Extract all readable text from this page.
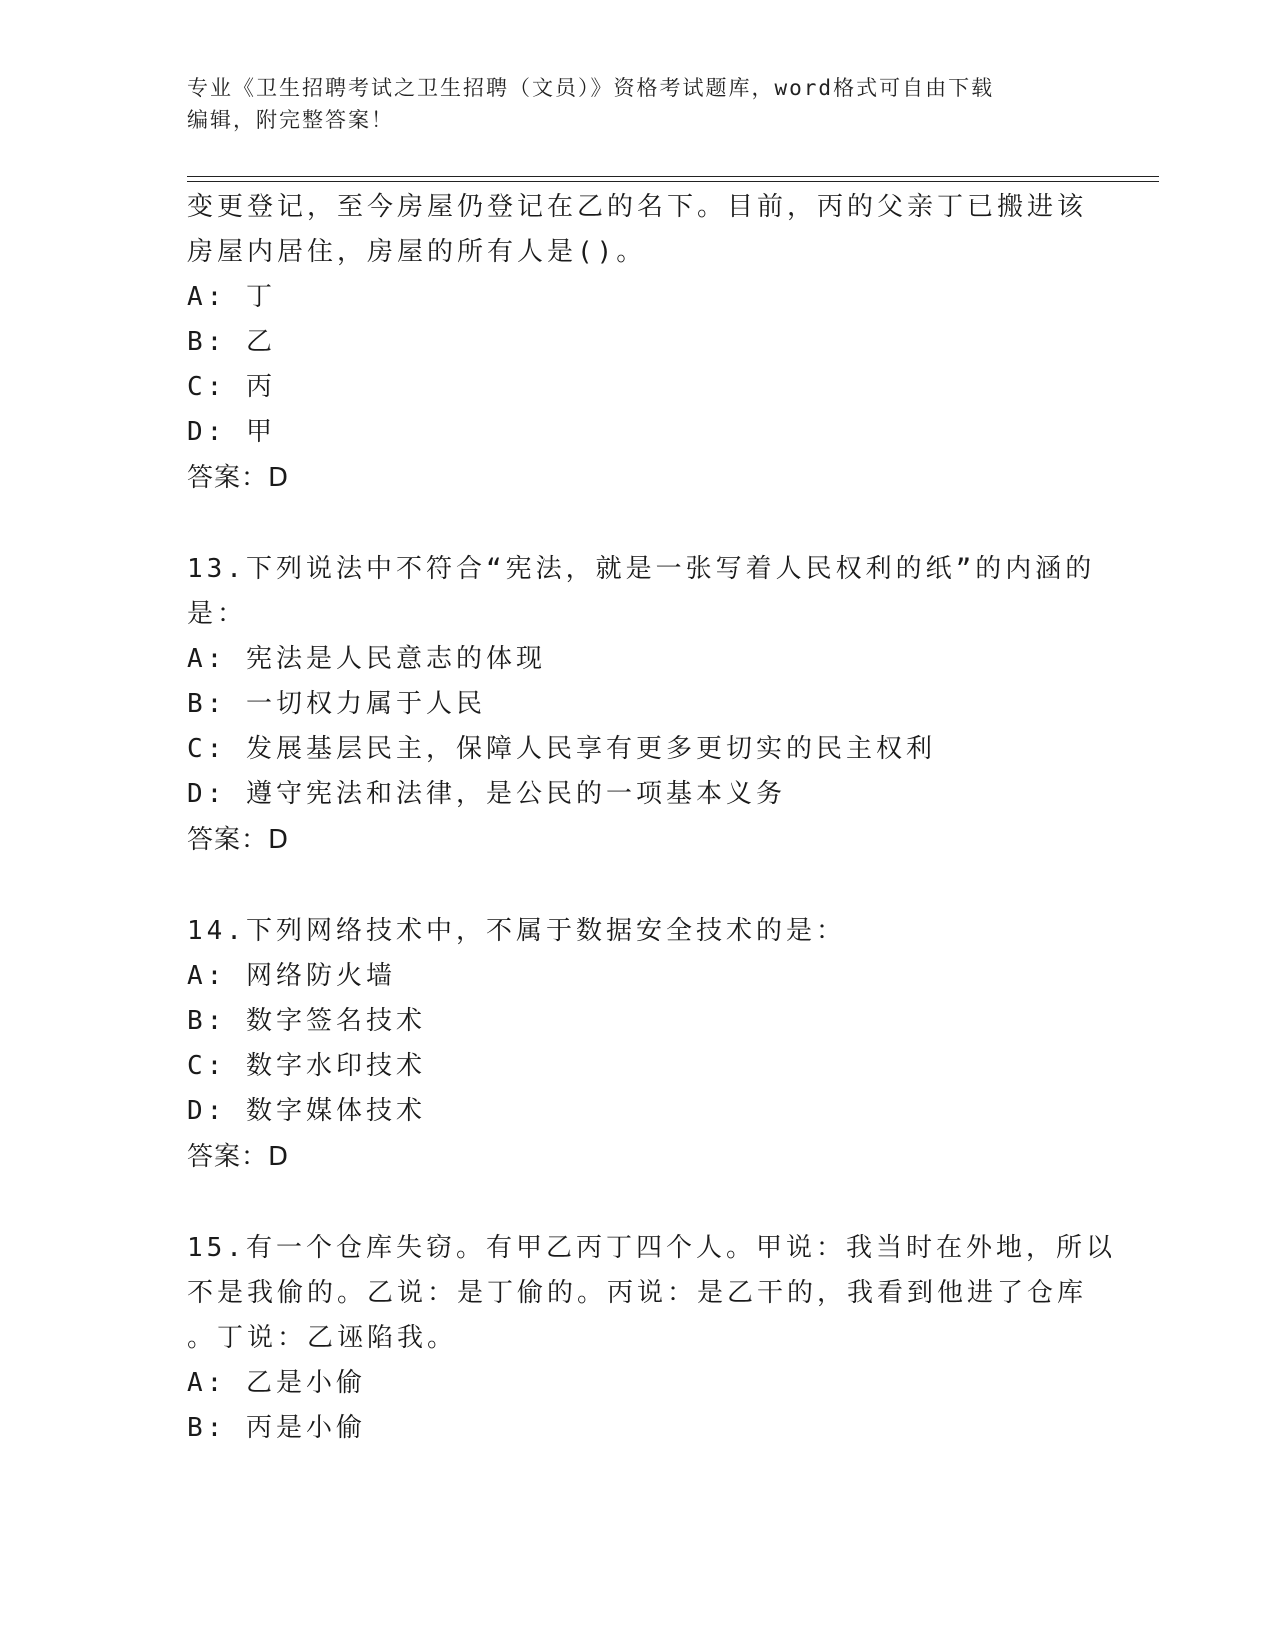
专业《卫生招聘考试之卫生招聘（文员）》资格考试题库，word格式可自由下载
编辑，附完整答案！
变更登记，至今房屋仍登记在乙的名下。目前，丙的父亲丁已搬进该
房屋内居住，房屋的所有人是()。
A: 丁
B: 乙
C: 丙
D: 甲
答案：D
13.下列说法中不符合“宪法，就是一张写着人民权利的纸”的内涵的
是：
A: 宪法是人民意志的体现
B: 一切权力属于人民
C: 发展基层民主，保障人民享有更多更切实的民主权利
D: 遵守宪法和法律，是公民的一项基本义务
答案：D
14.下列网络技术中，不属于数据安全技术的是：
A: 网络防火墙
B: 数字签名技术
C: 数字水印技术
D: 数字媒体技术
答案：D
15.有一个仓库失窃。有甲乙丙丁四个人。甲说：我当时在外地，所以
不是我偷的。乙说：是丁偷的。丙说：是乙干的，我看到他进了仓库
。丁说：乙诬陷我。
A: 乙是小偷
B: 丙是小偷
